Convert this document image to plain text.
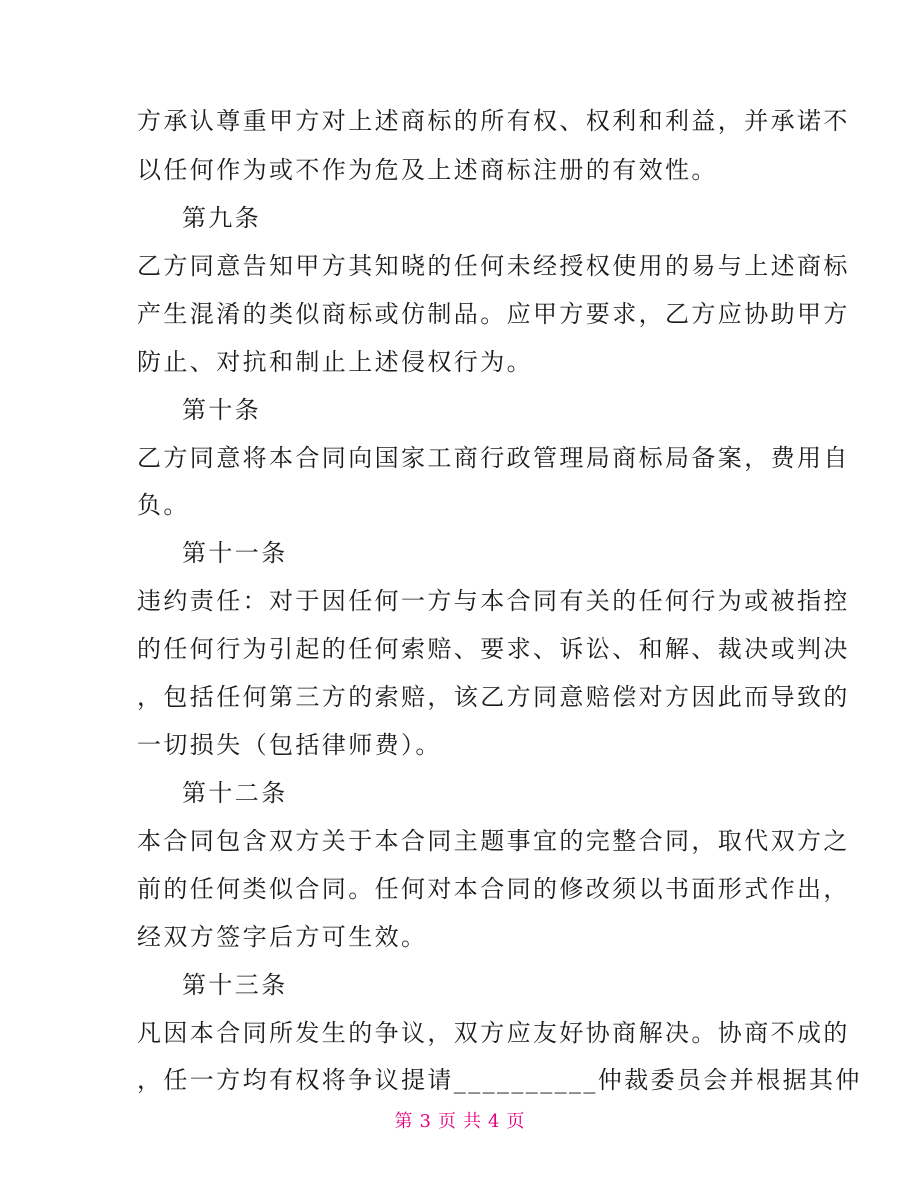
方承认尊重甲方对上述商标的所有权、权利和利益，并承诺不
以任何作为或不作为危及上述商标注册的有效性。
第九条
乙方同意告知甲方其知晓的任何未经授权使用的易与上述商标
产生混淆的类似商标或仿制品。应甲方要求，乙方应协助甲方
防止、对抗和制止上述侵权行为。
第十条
乙方同意将本合同向国家工商行政管理局商标局备案，费用自
负。
第十一条
违约责任：对于因任何一方与本合同有关的任何行为或被指控
的任何行为引起的任何索赔、要求、诉讼、和解、裁决或判决
，包括任何第三方的索赔，该乙方同意赔偿对方因此而导致的
一切损失（包括律师费）。
第十二条
本合同包含双方关于本合同主题事宜的完整合同，取代双方之
前的任何类似合同。任何对本合同的修改须以书面形式作出，
经双方签字后方可生效。
第十三条
凡因本合同所发生的争议，双方应友好协商解决。协商不成的
，任一方均有权将争议提请__________仲裁委员会并根据其仲
第 3 页 共 4 页
